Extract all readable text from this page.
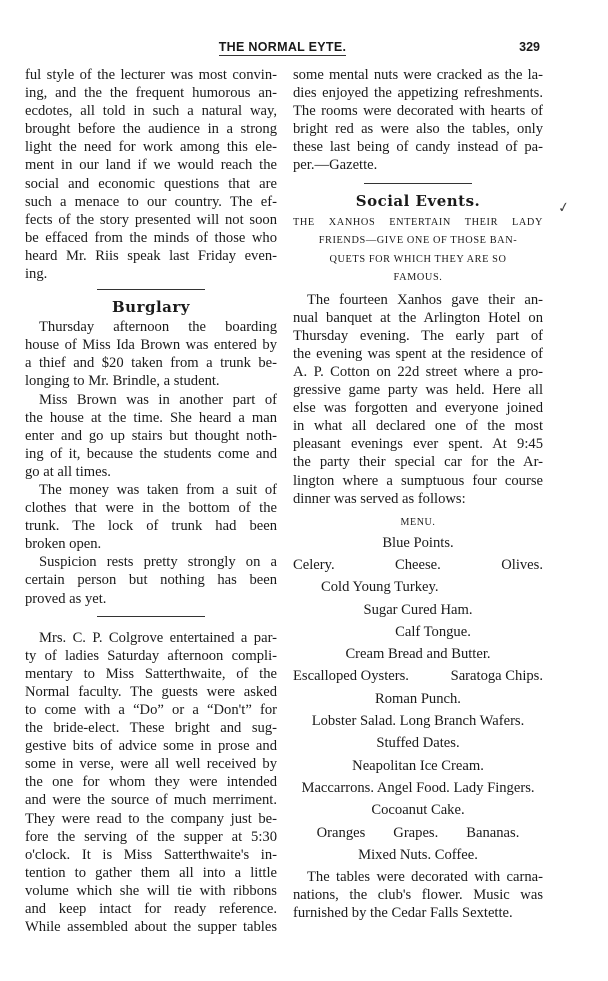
THE NORMAL EYTE.	329
ful style of the lecturer was most convin-
ing, and the the frequent humorous an-
ecdotes, all told in such a natural way,
brought before the audience in a strong
light the need for work among this ele-
ment in our land if we would reach the
social and economic questions that are
such a menace to our country. The ef-
fects of the story presented will not soon
be effaced from the minds of those who
heard Mr. Riis speak last Friday even-
ing.
Burglary
Thursday afternoon the boarding
house of Miss Ida Brown was entered by
a thief and $20 taken from a trunk be-
longing to Mr. Brindle, a student.
Miss Brown was in another part of
the house at the time. She heard a man
enter and go up stairs but thought noth-
ing of it, because the students come and
go at all times.
The money was taken from a suit of
clothes that were in the bottom of the
trunk. The lock of trunk had been
broken open.
Suspicion rests pretty strongly on a
certain person but nothing has been
proved as yet.
Mrs. C. P. Colgrove entertained a par-
ty of ladies Saturday afternoon compli-
mentary to Miss Satterthwaite, of the
Normal faculty. The guests were asked
to come with a “Do” or a “Don't” for
the bride-elect. These bright and sug-
gestive bits of advice some in prose and
some in verse, were all well received by
the one for whom they were intended
and were the source of much merriment.
They were read to the company just be-
fore the serving of the supper at 5:30
o'clock. It is Miss Satterthwaite's in-
tention to gather them all into a little
volume which she will tie with ribbons
and keep intact for ready reference.
While assembled about the supper tables
some mental nuts were cracked as the la-
dies enjoyed the appetizing refreshments.
The rooms were decorated with hearts of
bright red as were also the tables, only
these last being of candy instead of pa-
per.—Gazette.
Social Events.
THE XANHOS ENTERTAIN THEIR LADY
FRIENDS—GIVE ONE OF THOSE BAN-
QUETS FOR WHICH THEY ARE SO
FAMOUS.
The fourteen Xanhos gave their an-
nual banquet at the Arlington Hotel on
Thursday evening. The early part of
the evening was spent at the residence of
A. P. Cotton on 22d street where a pro-
gressive game party was held. Here all
else was forgotten and everyone joined
in what all declared one of the most
pleasant evenings ever spent. At 9:45
the party their special car for the Ar-
lington where a sumptuous four course
dinner was served as follows:
MENU.
Blue Points.
Celery.	Cheese.	Olives.
Cold Young Turkey.
Sugar Cured Ham.
Calf Tongue.
Cream Bread and Butter.
Escalloped Oysters.	Saratoga Chips.
Roman Punch.
Lobster Salad. Long Branch Wafers.
Stuffed Dates.
Neapolitan Ice Cream.
Maccarrons. Angel Food. Lady Fingers.
Cocoanut Cake.
Oranges Grapes. Bananas.
Mixed Nuts. Coffee.
The tables were decorated with carna-
nations, the club's flower. Music was
furnished by the Cedar Falls Sextette.
✓
